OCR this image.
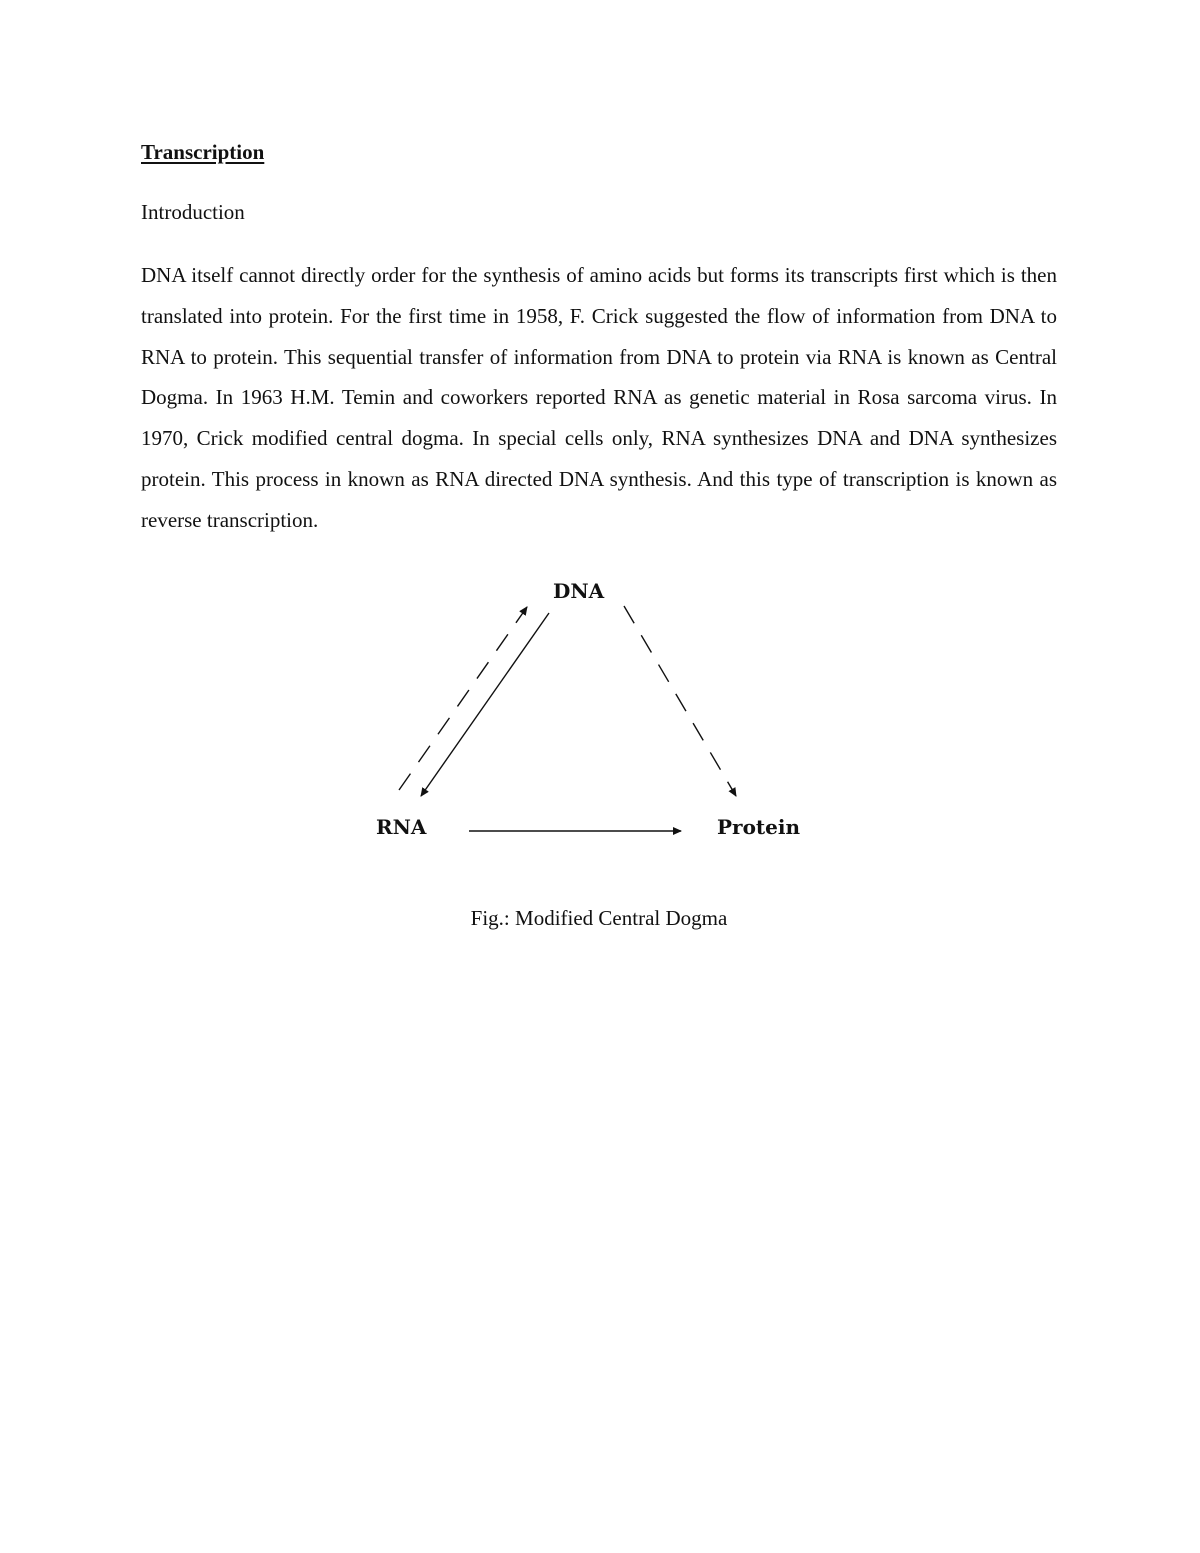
Transcription

Introduction

DNA itself cannot directly order for the synthesis of amino acids but forms its transcripts first which is then translated into protein. For the first time in 1958, F. Crick suggested the flow of information from DNA to RNA to protein. This sequential transfer of information from DNA to protein via RNA is known as Central Dogma. In 1963 H.M. Temin and coworkers reported RNA as genetic material in Rosa sarcoma virus. In 1970, Crick modified central dogma. In special cells only, RNA synthesizes DNA and DNA synthesizes protein. This process in known as RNA directed DNA synthesis. And this type of transcription is known as reverse transcription.

DNA

RNA	Protein

Fig.: Modified Central Dogma
